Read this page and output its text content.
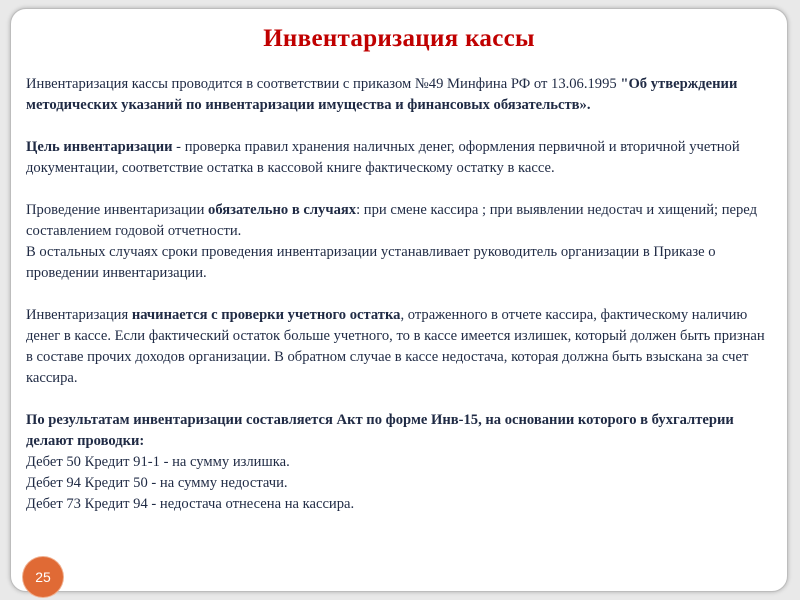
Инвентаризация кассы

Инвентаризация кассы проводится в соответствии с приказом №49 Минфина РФ от 13.06.1995 "Об утверждении методических указаний по инвентаризации имущества и финансовых обязательств».

Цель инвентаризации - проверка правил хранения наличных денег, оформления первичной и вторичной учетной документации, соответствие остатка в кассовой книге фактическому остатку в кассе.

Проведение инвентаризации обязательно в случаях: при смене кассира ; при выявлении недостач и хищений; перед составлением годовой отчетности.

В остальных случаях сроки проведения инвентаризации устанавливает руководитель организации в Приказе о проведении инвентаризации.

Инвентаризация начинается с проверки учетного остатка, отраженного в отчете кассира, фактическому наличию денег в кассе. Если фактический остаток больше учетного, то в кассе имеется излишек, который должен быть признан в составе прочих доходов организации. В обратном случае в кассе недостача, которая должна быть взыскана за счет кассира.

По результатам инвентаризации составляется Акт по форме Инв-15, на основании которого в бухгалтерии делают проводки:

Дебет 50 Кредит 91-1 - на сумму излишка.

Дебет 94 Кредит 50 - на сумму недостачи.

Дебет 73 Кредит 94 - недостача отнесена на кассира.

25
